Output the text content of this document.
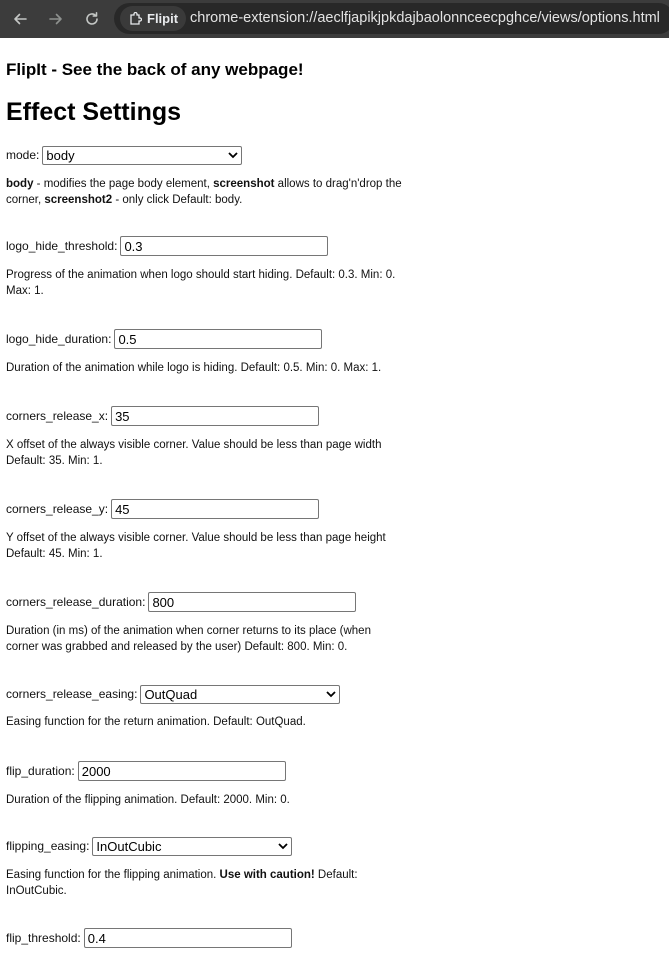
Flipit chrome-extension://aeclfjapikjpkdajbaolonnceecpghce/views/options.html
FlipIt - See the back of any webpage!
Effect Settings
mode : body

body - modifies the page body element, screenshot allows to drag'n'drop the corner, screenshot2 - only click Default: body.

logo_hide_threshold :
0.3

Progress of the animation when logo should start hiding. Default: 0.3. Min: 0. Max: 1.

logo_hide_duration :
0.5

Duration of the animation while logo is hiding. Default: 0.5. Min: 0. Max: 1.

corners_release_x :
35

X offset of the always visible corner. Value should be less than page width Default: 35. Min: 1.

corners_release_y :
45

Y offset of the always visible corner. Value should be less than page height Default: 45. Min: 1.

corners_release_duration :
800

Duration (in ms) of the animation when corner returns to its place (when corner was grabbed and released by the user) Default: 800. Min: 0.

corners_release_easing : OutQuad

Easing function for the return animation. Default: OutQuad.

flip_duration :
2000

Duration of the flipping animation. Default: 2000. Min: 0.

flipping_easing : InOutCubic

Easing function for the flipping animation. Use with caution! Default: InOutCubic.

flip_threshold :
0.4
